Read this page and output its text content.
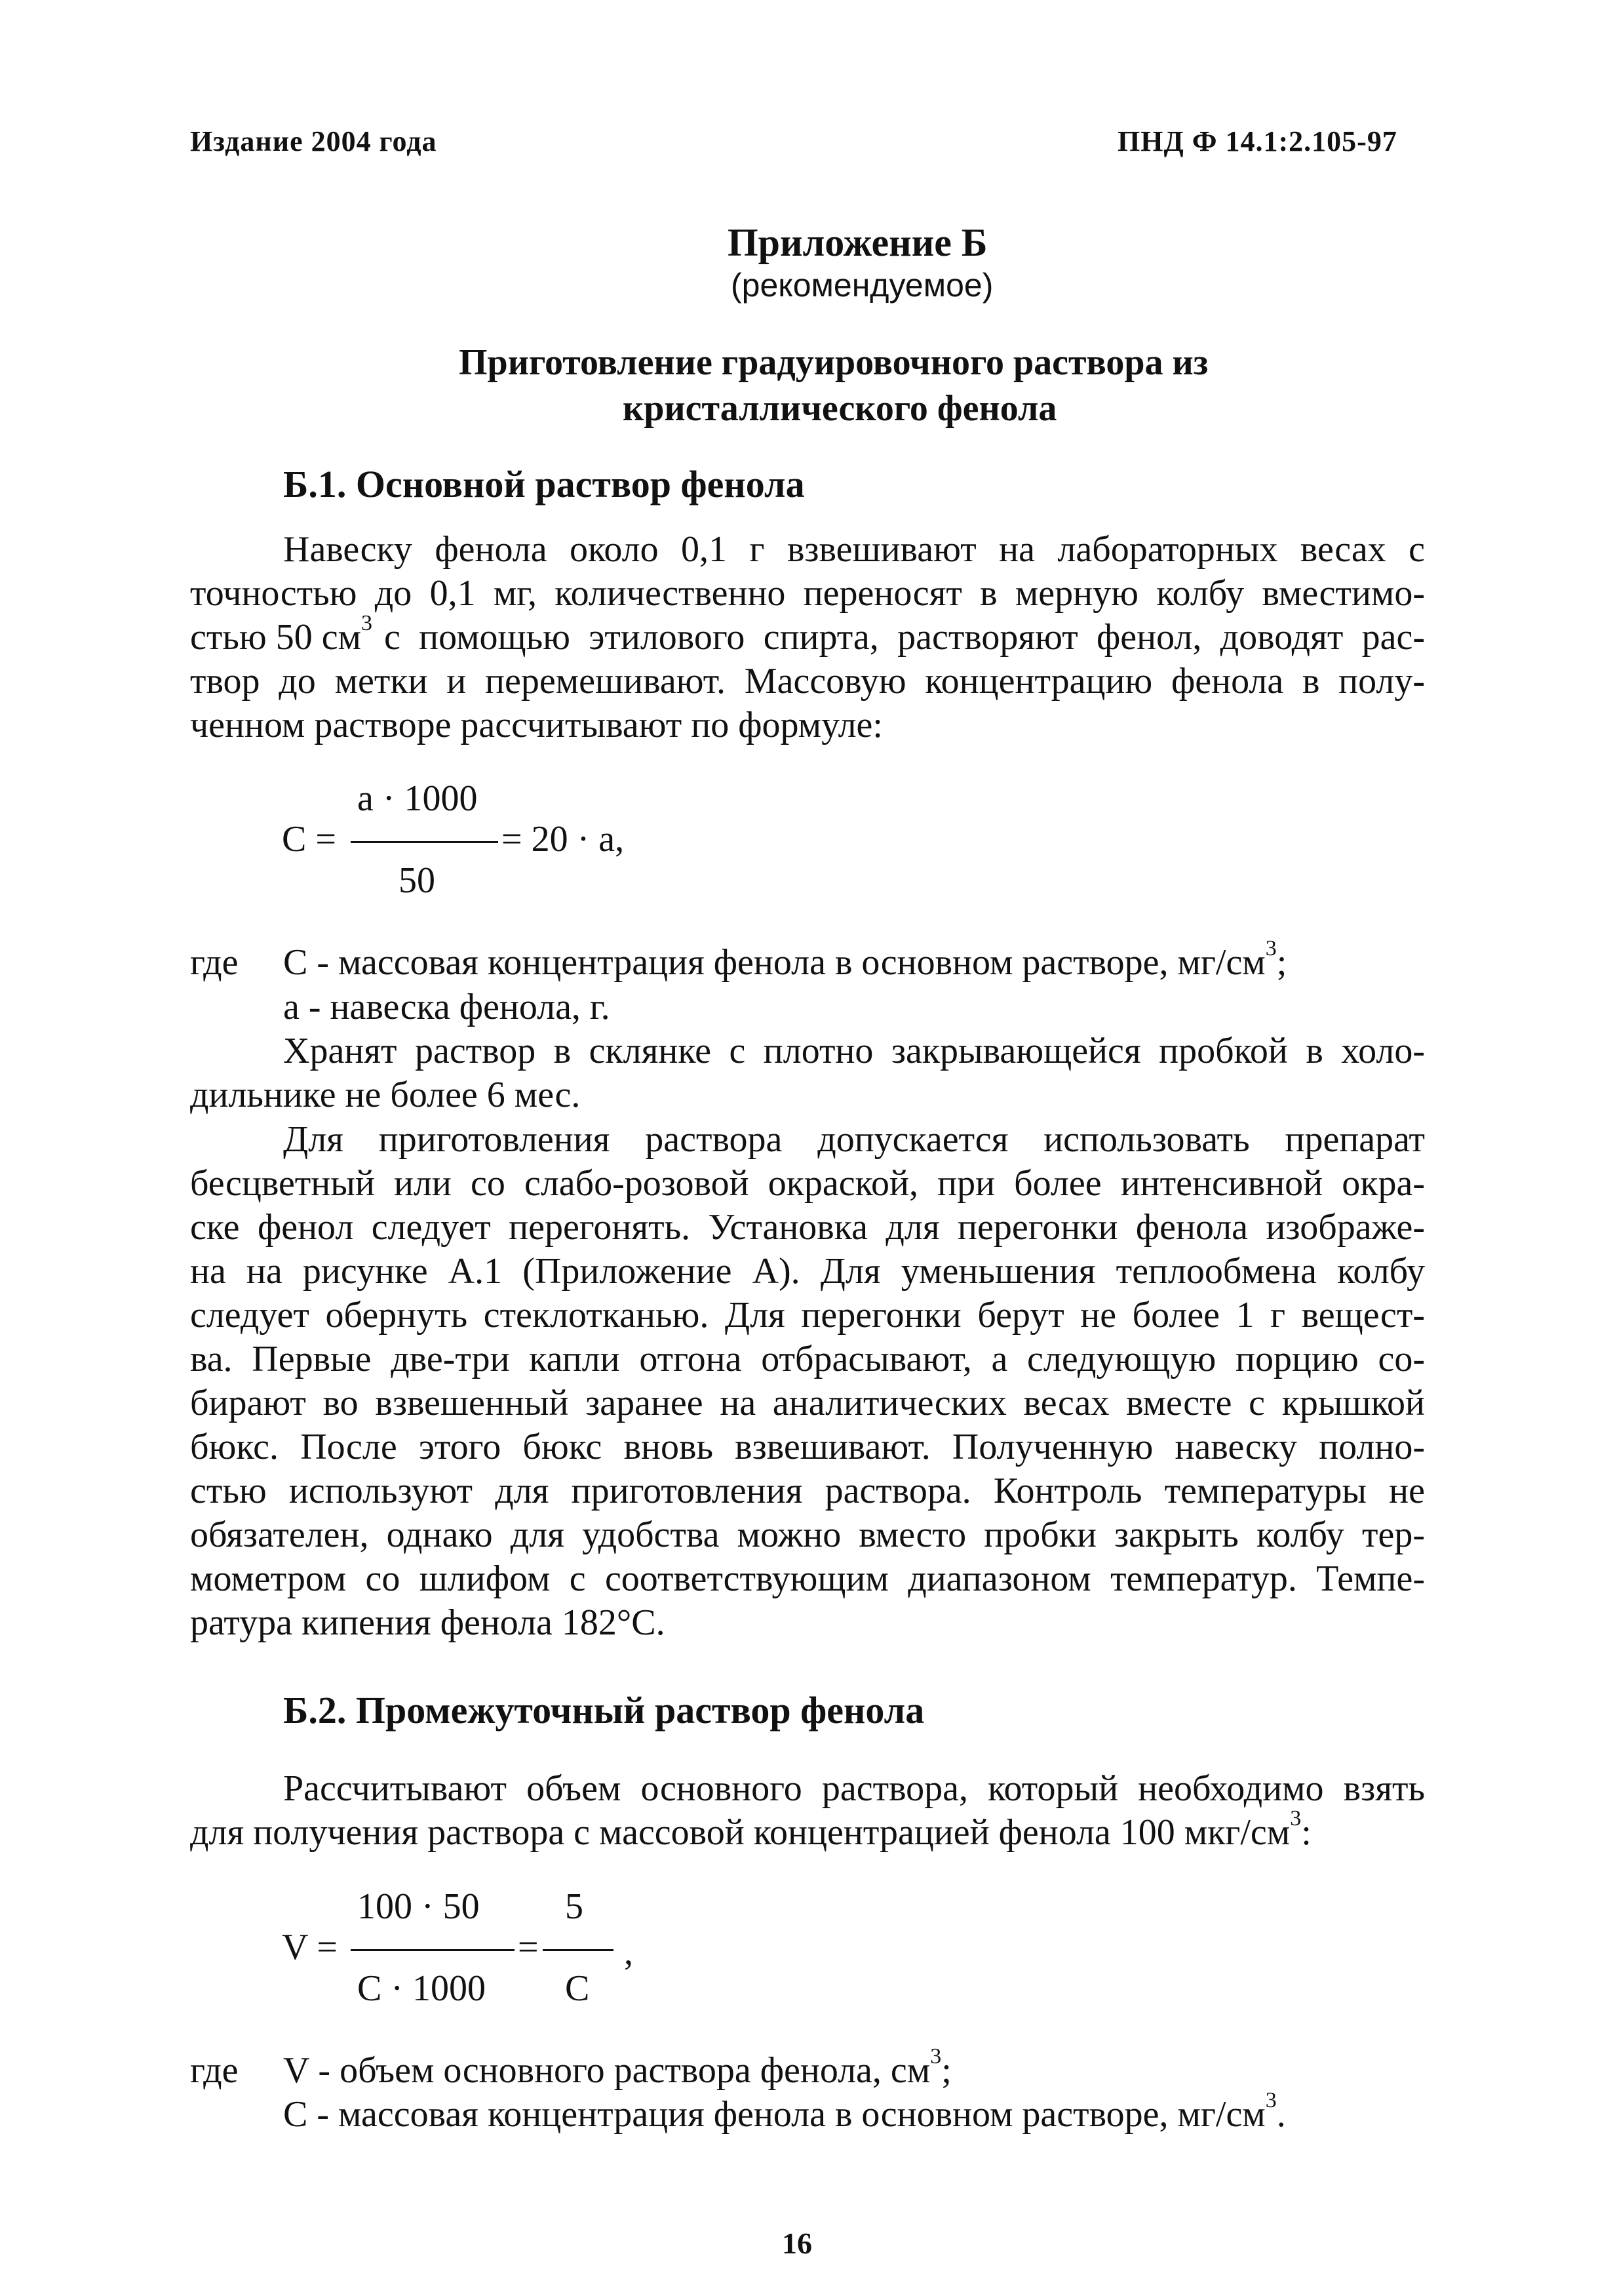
Издание 2004 года	ПНД Ф 14.1:2.105-97
Приложение Б
(рекомендуемое)
Приготовление градуировочного раствора из
кристаллического фенола
Б.1. Основной раствор фенола
Навеску фенола около 0,1 г взвешивают на лабораторных весах с
точностью до 0,1 мг, количественно переносят в мерную колбу вместимо-
стью 50 $см^3$ с помощью этилового спирта, растворяют фенол, доводят рас-
твор до метки и перемешивают. Массовую концентрацию фенола в полу-
ченном растворе рассчитывают по формуле:
a · 1000
C =	= 20 · a,
50
где C - массовая концентрация фенола в основном растворе, $мг/см^3$;
a - навеска фенола, г.
Хранят раствор в склянке с плотно закрывающейся пробкой в холо-
дильнике не более 6 мес.
Для приготовления раствора допускается использовать препарат
бесцветный или со слабо-розовой окраской, при более интенсивной окра-
ске фенол следует перегонять. Установка для перегонки фенола изображе-
на на рисунке А.1 (Приложение А). Для уменьшения теплообмена колбу
следует обернуть стеклотканью. Для перегонки берут не более 1 г вещест-
ва. Первые две-три капли отгона отбрасывают, а следующую порцию со-
бирают во взвешенный заранее на аналитических весах вместе с крышкой
бюкс. После этого бюкс вновь взвешивают. Полученную навеску полно-
стью используют для приготовления раствора. Контроль температуры не
обязателен, однако для удобства можно вместо пробки закрыть колбу тер-
мометром со шлифом с соответствующим диапазоном температур. Темпе-
ратура кипения фенола 182°С.
Б.2. Промежуточный раствор фенола
Рассчитывают объем основного раствора, который необходимо взять
для получения раствора с массовой концентрацией фенола 100 мкг/$см^3$:
100 · 50 5
V =	= ,
C · 1000 C
где V - объем основного раствора фенола, $см^3$;
C - массовая концентрация фенола в основном растворе, $мг/см^3$.
16
